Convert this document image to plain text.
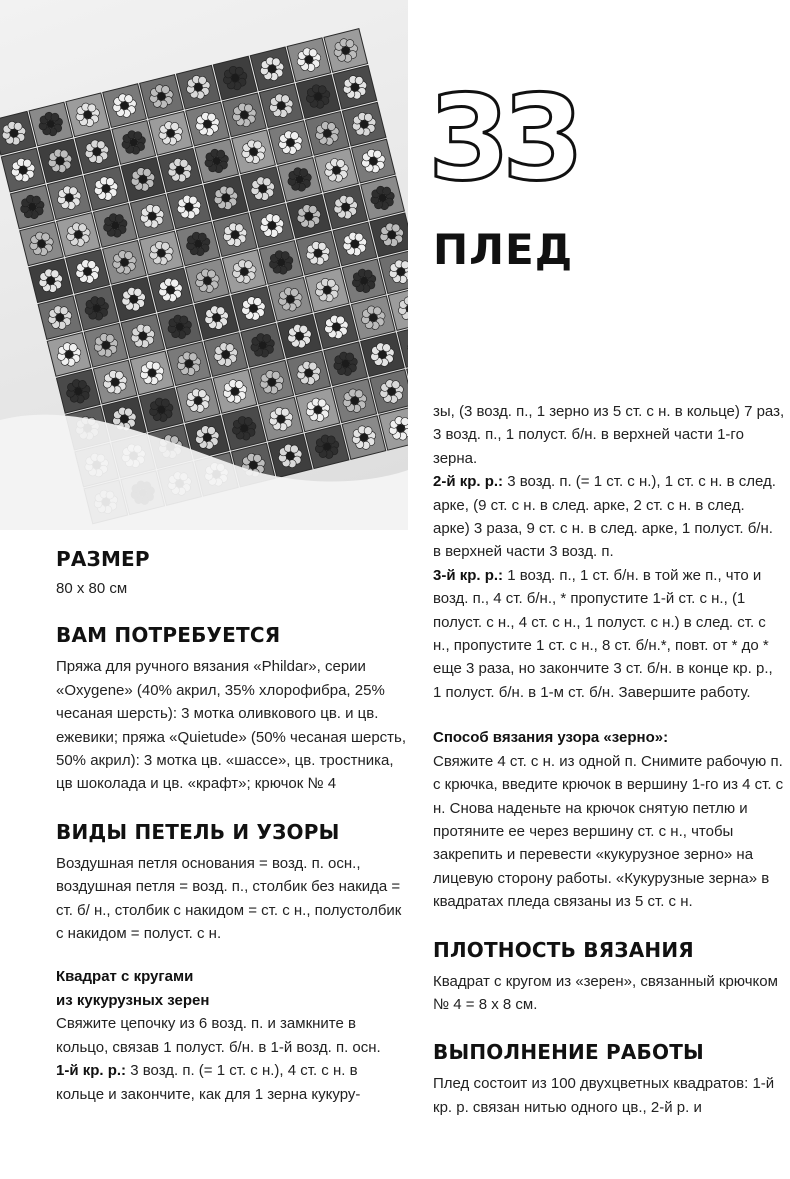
33
ПЛЕД
РАЗМЕР

80 x 80 см

ВАМ ПОТРЕБУЕТСЯ

Пряжа для ручного вязания «Phildar», серии «Oxygene» (40% акрил, 35% хлорофибра, 25% чесаная шерсть): 3 мотка оливкового цв. и цв. ежевики; пряжа «Quietude» (50% чесаная шерсть, 50% акрил): 3 мотка цв. «шассе», цв. тростника, цв шоколада и цв. «крафт»; крючок № 4

ВИДЫ ПЕТЕЛЬ И УЗОРЫ

Воздушная петля основания = возд. п. осн., воздушная петля = возд. п., столбик без накида = ст. б/ н., столбик с накидом = ст. с н., полустолбик с накидом = полуст. с н.

Квадрат с кругами
из кукурузных зерен

Свяжите цепочку из 6 возд. п. и замкните в кольцо, связав 1 полуст. б/н. в 1-й возд. п. осн.

1-й кр. р.: 3 возд. п. (= 1 ст. с н.), 4 ст. с н. в кольце и закончите, как для 1 зерна кукуру-

зы, (3 возд. п., 1 зерно из 5 ст. с н. в кольце) 7 раз, 3 возд. п., 1 полуст. б/н. в верхней части 1-го зерна.

2-й кр. р.: 3 возд. п. (= 1 ст. с н.), 1 ст. с н. в след. арке, (9 ст. с н. в след. арке, 2 ст. с н. в след. арке) 3 раза, 9 ст. с н. в след. арке, 1 полуст. б/н. в верхней части 3 возд. п.

3-й кр. р.: 1 возд. п., 1 ст. б/н. в той же п., что и возд. п., 4 ст. б/н., * пропустите 1-й ст. с н., (1 полуст. с н., 4 ст. с н., 1 полуст. с н.) в след. ст. с н., пропустите 1 ст. с н., 8 ст. б/н.*, повт. от * до * еще 3 раза, но закончите 3 ст. б/н. в конце кр. р., 1 полуст. б/н. в 1-м ст. б/н. Завершите работу.

Способ вязания узора «зерно»:

Свяжите 4 ст. с н. из одной п. Снимите рабочую п. с крючка, введите крючок в вершину 1-го из 4 ст. с н. Снова наденьте на крючок снятую петлю и протяните ее через вершину ст. с н., чтобы закрепить и перевести «кукурузное зерно» на лицевую сторону работы. «Кукурузные зерна» в квадратах пледа связаны из 5 ст. с н.

ПЛОТНОСТЬ ВЯЗАНИЯ

Квадрат с кругом из «зерен», связанный крючком № 4 = 8 х 8 см.

ВЫПОЛНЕНИЕ РАБОТЫ

Плед состоит из 100 двухцветных квадратов: 1-й кр. р. связан нитью одного цв., 2-й р. и
